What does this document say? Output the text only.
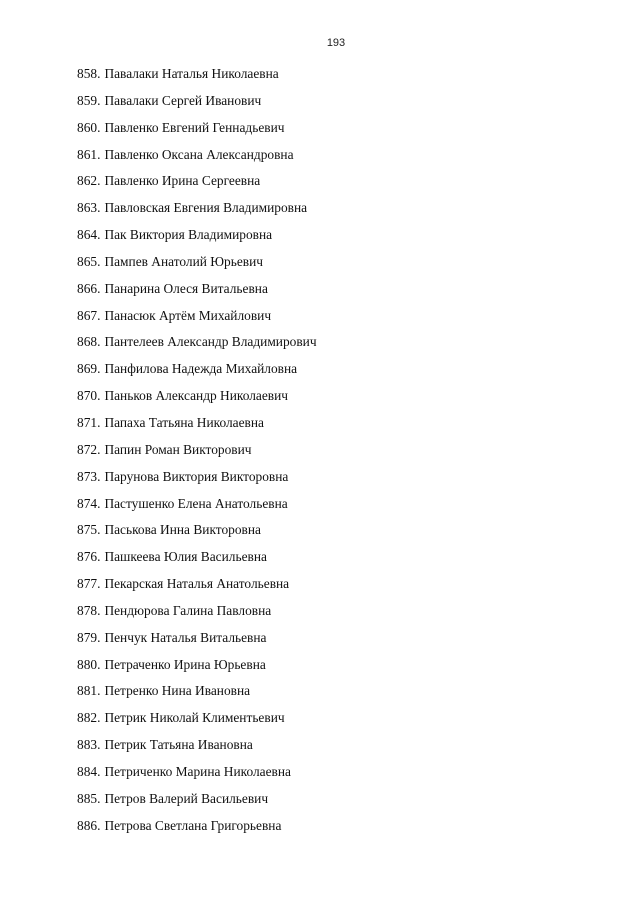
193
858. Павалаки Наталья Николаевна
859. Павалаки Сергей Иванович
860. Павленко Евгений Геннадьевич
861. Павленко Оксана Александровна
862. Павленко Ирина Сергеевна
863. Павловская Евгения Владимировна
864. Пак Виктория Владимировна
865. Пампев Анатолий Юрьевич
866. Панарина Олеся Витальевна
867. Панасюк Артём Михайлович
868. Пантелеев Александр Владимирович
869. Панфилова Надежда Михайловна
870. Паньков Александр Николаевич
871. Папаха Татьяна Николаевна
872. Папин Роман Викторович
873. Парунова Виктория Викторовна
874. Пастушенко Елена Анатольевна
875. Паськова Инна Викторовна
876. Пашкеева Юлия Васильевна
877. Пекарская Наталья Анатольевна
878. Пендюрова Галина Павловна
879. Пенчук Наталья Витальевна
880. Петраченко Ирина Юрьевна
881. Петренко Нина Ивановна
882. Петрик Николай Климентьевич
883. Петрик Татьяна Ивановна
884. Петриченко Марина Николаевна
885. Петров Валерий Васильевич
886. Петрова Светлана Григорьевна
